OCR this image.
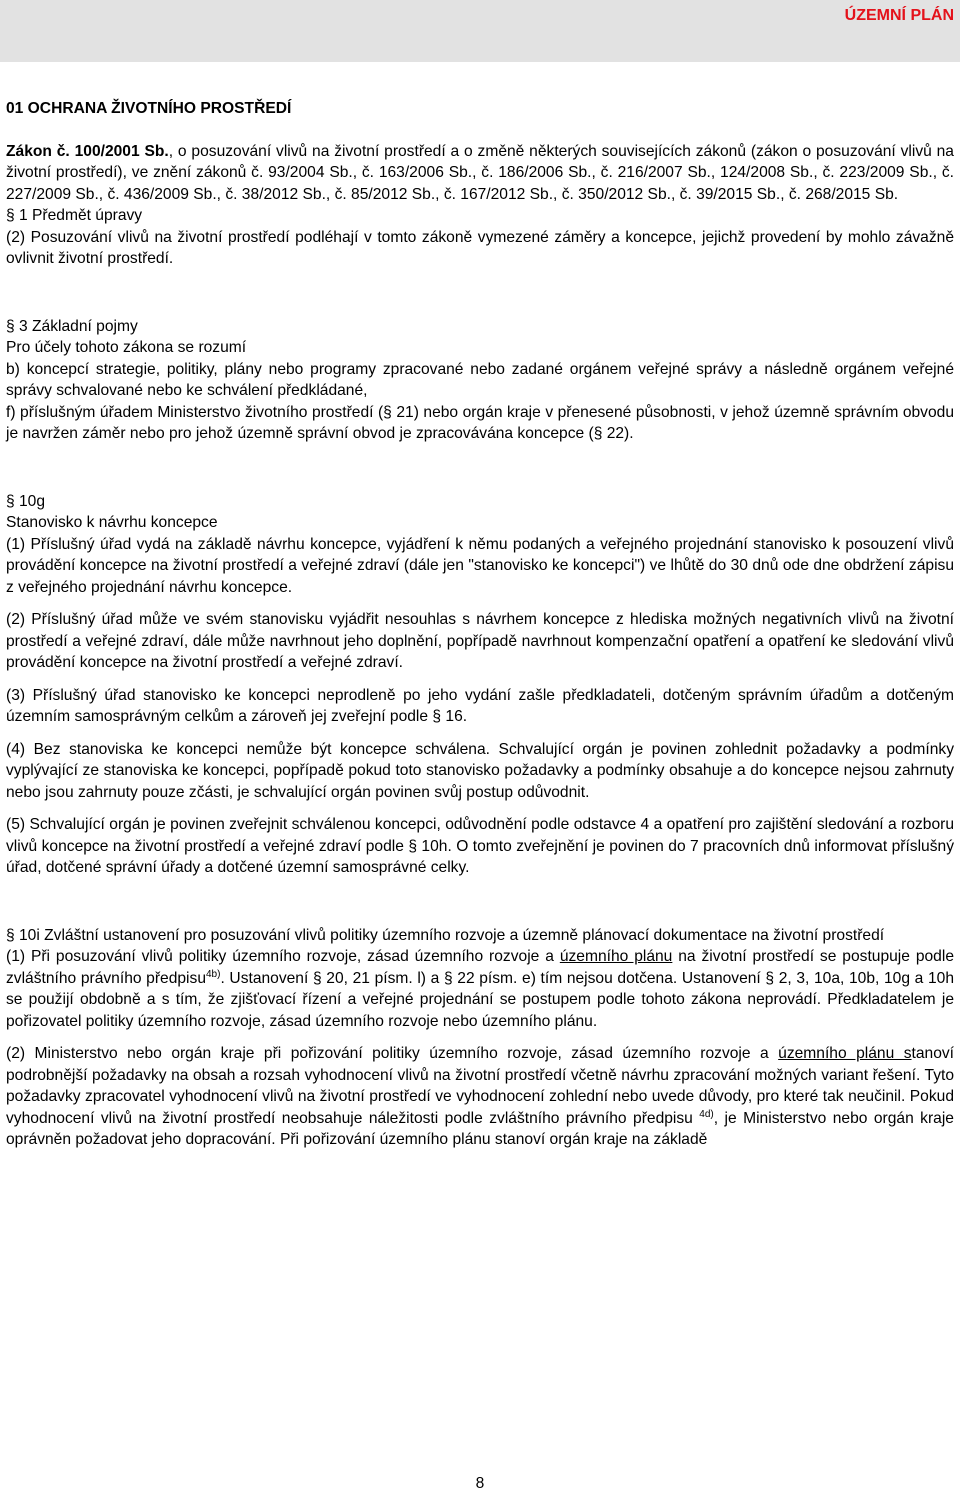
ÚZEMNÍ PLÁN

01 OCHRANA ŽIVOTNÍHO PROSTŘEDÍ

Zákon č. 100/2001 Sb., o posuzování vlivů na životní prostředí a o změně některých souvisejících zákonů (zákon o posuzování vlivů na životní prostředí), ve znění zákonů č. 93/2004 Sb., č. 163/2006 Sb., č. 186/2006 Sb., č. 216/2007 Sb., 124/2008 Sb., č. 223/2009 Sb., č. 227/2009 Sb., č. 436/2009 Sb., č. 38/2012 Sb., č. 85/2012 Sb., č. 167/2012 Sb., č. 350/2012 Sb., č. 39/2015 Sb., č. 268/2015 Sb.

§ 1 Předmět úpravy

(2) Posuzování vlivů na životní prostředí podléhají v tomto zákoně vymezené záměry a koncepce, jejichž provedení by mohlo závažně ovlivnit životní prostředí.

§ 3 Základní pojmy

Pro účely tohoto zákona se rozumí

b) koncepcí strategie, politiky, plány nebo programy zpracované nebo zadané orgánem veřejné správy a následně orgánem veřejné správy schvalované nebo ke schválení předkládané,

f) příslušným úřadem Ministerstvo životního prostředí (§ 21) nebo orgán kraje v přenesené působnosti, v jehož územně správním obvodu je navržen záměr nebo pro jehož územně správní obvod je zpracovávána koncepce (§ 22).

§ 10g

Stanovisko k návrhu koncepce

(1) Příslušný úřad vydá na základě návrhu koncepce, vyjádření k němu podaných a veřejného projednání stanovisko k posouzení vlivů provádění koncepce na životní prostředí a veřejné zdraví (dále jen "stanovisko ke koncepci") ve lhůtě do 30 dnů ode dne obdržení zápisu z veřejného projednání návrhu koncepce.

(2) Příslušný úřad může ve svém stanovisku vyjádřit nesouhlas s návrhem koncepce z hlediska možných negativních vlivů na životní prostředí a veřejné zdraví, dále může navrhnout jeho doplnění, popřípadě navrhnout kompenzační opatření a opatření ke sledování vlivů provádění koncepce na životní prostředí a veřejné zdraví.

(3) Příslušný úřad stanovisko ke koncepci neprodleně po jeho vydání zašle předkladateli, dotčeným správním úřadům a dotčeným územním samosprávným celkům a zároveň jej zveřejní podle § 16.

(4) Bez stanoviska ke koncepci nemůže být koncepce schválena. Schvalující orgán je povinen zohlednit požadavky a podmínky vyplývající ze stanoviska ke koncepci, popřípadě pokud toto stanovisko požadavky a podmínky obsahuje a do koncepce nejsou zahrnuty nebo jsou zahrnuty pouze zčásti, je schvalující orgán povinen svůj postup odůvodnit.

(5) Schvalující orgán je povinen zveřejnit schválenou koncepci, odůvodnění podle odstavce 4 a opatření pro zajištění sledování a rozboru vlivů koncepce na životní prostředí a veřejné zdraví podle § 10h. O tomto zveřejnění je povinen do 7 pracovních dnů informovat příslušný úřad, dotčené správní úřady a dotčené územní samosprávné celky.

§ 10i Zvláštní ustanovení pro posuzování vlivů politiky územního rozvoje a územně plánovací dokumentace na životní prostředí

(1) Při posuzování vlivů politiky územního rozvoje, zásad územního rozvoje a územního plánu na životní prostředí se postupuje podle zvláštního právního předpisu$^{4b)}$. Ustanovení § 20, 21 písm. l) a § 22 písm. e) tím nejsou dotčena. Ustanovení § 2, 3, 10a, 10b, 10g a 10h se použijí obdobně a s tím, že zjišťovací řízení a veřejné projednání se postupem podle tohoto zákona neprovádí. Předkladatelem je pořizovatel politiky územního rozvoje, zásad územního rozvoje nebo územního plánu.

(2) Ministerstvo nebo orgán kraje při pořizování politiky územního rozvoje, zásad územního rozvoje a územního plánu stanoví podrobnější požadavky na obsah a rozsah vyhodnocení vlivů na životní prostředí včetně návrhu zpracování možných variant řešení. Tyto požadavky zpracovatel vyhodnocení vlivů na životní prostředí ve vyhodnocení zohlední nebo uvede důvody, pro které tak neučinil. Pokud vyhodnocení vlivů na životní prostředí neobsahuje náležitosti podle zvláštního právního předpisu $^{4d)}$, je Ministerstvo nebo orgán kraje oprávněn požadovat jeho dopracování. Při pořizování územního plánu stanoví orgán kraje na základě

8
